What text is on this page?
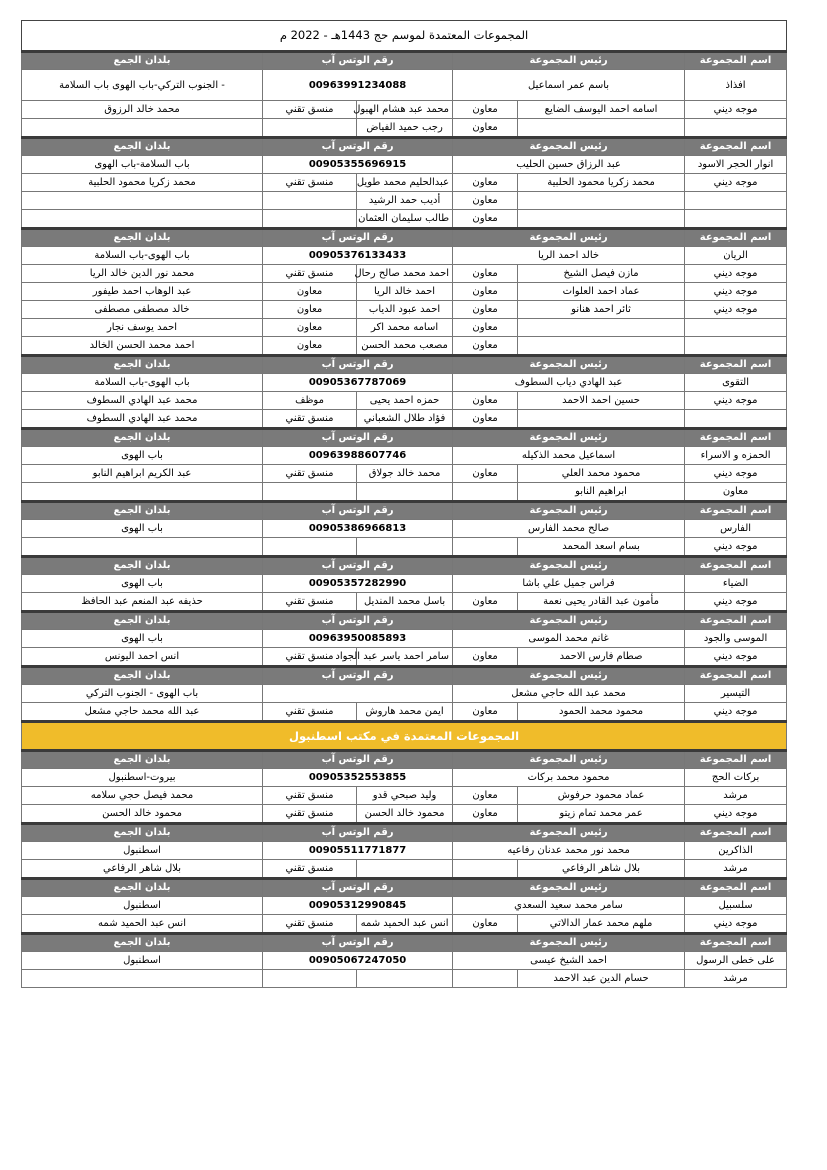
المجموعات المعتمدة لموسم حج 1443هـ - 2022 م					
اسم المجموعة	رئيس المجموعة		رقم الوتس آب		بلدان الجمع
افذاذ	باسم عمر اسماعيل		00963991234088		- الجنوب التركي-باب الهوى باب السلامة
موجه ديني	اسامه احمد اليوسف الضايع	معاون	محمد عبد هشام الهبول	منسق تقني	محمد خالد الرزوق
		معاون	رجب حميد الفياض		
اسم المجموعة	رئيس المجموعة		رقم الوتس آب		بلدان الجمع
انوار الحجر الاسود	عبد الرزاق حسين الحليب		00905355696915		باب السلامة-باب الهوى
موجه ديني	محمد زكريا محمود الحلبية	معاون	عبدالحليم محمد طويل	منسق تقني	محمد زكريا محمود الحلبية
		معاون	أديب حمد الرشيد		
		معاون	طالب سليمان العثمان		
اسم المجموعة	رئيس المجموعة		رقم الوتس آب		بلدان الجمع
الريان	خالد احمد الريا		00905376133433		باب الهوى-باب السلامة
موجه ديني	مازن فيصل الشيخ	معاون	احمد محمد صالح رحال	منسق تقني	محمد نور الدين خالد الريا
موجه ديني	عماد احمد العلوات	معاون	احمد خالد الريا	معاون	عبد الوهاب احمد طيفور
موجه ديني	ثائر احمد هنانو	معاون	احمد عبود الدياب	معاون	خالد مصطفى مصطفى
		معاون	اسامه محمد اكر	معاون	احمد يوسف نجار
		معاون	مصعب محمد الحسن	معاون	احمد محمد الحسن الخالد
اسم المجموعة	رئيس المجموعة		رقم الوتس آب		بلدان الجمع
التقوى	عبد الهادي دياب السطوف		00905367787069		باب الهوى-باب السلامة
موجه ديني	حسين احمد الاحمد	معاون	حمزه احمد يحيى	موظف	محمد عبد الهادي السطوف
		معاون	فؤاد طلال الشعباني	منسق تقني	محمد عبد الهادي السطوف
اسم المجموعة	رئيس المجموعة		رقم الوتس آب		بلدان الجمع
الحمزه و الاسراء	اسماعيل محمد الذكيله		00963988607746		باب الهوى
موجه ديني	محمود محمد العلي	معاون	محمد خالد جولاق	منسق تقني	عبد الكريم ابراهيم النابو
معاون	ابراهيم النابو				
اسم المجموعة	رئيس المجموعة		رقم الوتس آب		بلدان الجمع
الفارس	صالح محمد الفارس		00905386966813		باب الهوى
موجه ديني	بسام اسعد المحمد				
اسم المجموعة	رئيس المجموعة		رقم الوتس آب		بلدان الجمع
الضياء	فراس جميل علي باشا		00905357282990		باب الهوى
موجه ديني	مأمون عبد القادر يحيى نعمة	معاون	باسل محمد المنديل	منسق تقني	حذيفه عبد المنعم عبد الحافظ
اسم المجموعة	رئيس المجموعة		رقم الوتس آب		بلدان الجمع
الموسى والجود	غانم محمد الموسى		00963950085893		باب الهوى
موجه ديني	صطام فارس الاحمد	معاون	سامر احمد ياسر عبد الجواد	منسق تقني	انس احمد اليونس
اسم المجموعة	رئيس المجموعة		رقم الوتس آب		بلدان الجمع
التيسير	محمد عبد الله حاجي مشعل				باب الهوى - الجنوب التركي
موجه ديني	محمود محمد الحمود	معاون	ايمن محمد هاروش	منسق تقني	عبد الله محمد حاجي مشعل
المجموعات المعتمدة في مكتب اسطنبول					
اسم المجموعة	رئيس المجموعة		رقم الوتس آب		بلدان الجمع
بركات الحج	محمود محمد بركات		00905352553855		بيروت-اسطنبول
مرشد	عماد محمود حرفوش	معاون	وليد صبحي قدو	منسق تقني	محمد فيصل حجي سلامه
موجه ديني	عمر محمد تمام زيتو	معاون	محمود خالد الحسن	منسق تقني	محمود خالد الحسن
اسم المجموعة	رئيس المجموعة		رقم الوتس آب		بلدان الجمع
الذاكرين	محمد نور محمد عدنان رفاعيه		00905511771877		اسطنبول
مرشد	بلال شاهر الرفاعي			منسق تقني	بلال شاهر الرفاعي
اسم المجموعة	رئيس المجموعة		رقم الوتس آب		بلدان الجمع
سلسبيل	سامر محمد سعيد السعدي		00905312990845		اسطنبول
موجه ديني	ملهم محمد عمار الدالاتي	معاون	انس عبد الحميد شمه	منسق تقني	انس عبد الحميد شمه
اسم المجموعة	رئيس المجموعة		رقم الوتس آب		بلدان الجمع
على خطى الرسول	احمد الشيخ عيسى		00905067247050		اسطنبول
مرشد	حسام الدين عبد الاحمد				
